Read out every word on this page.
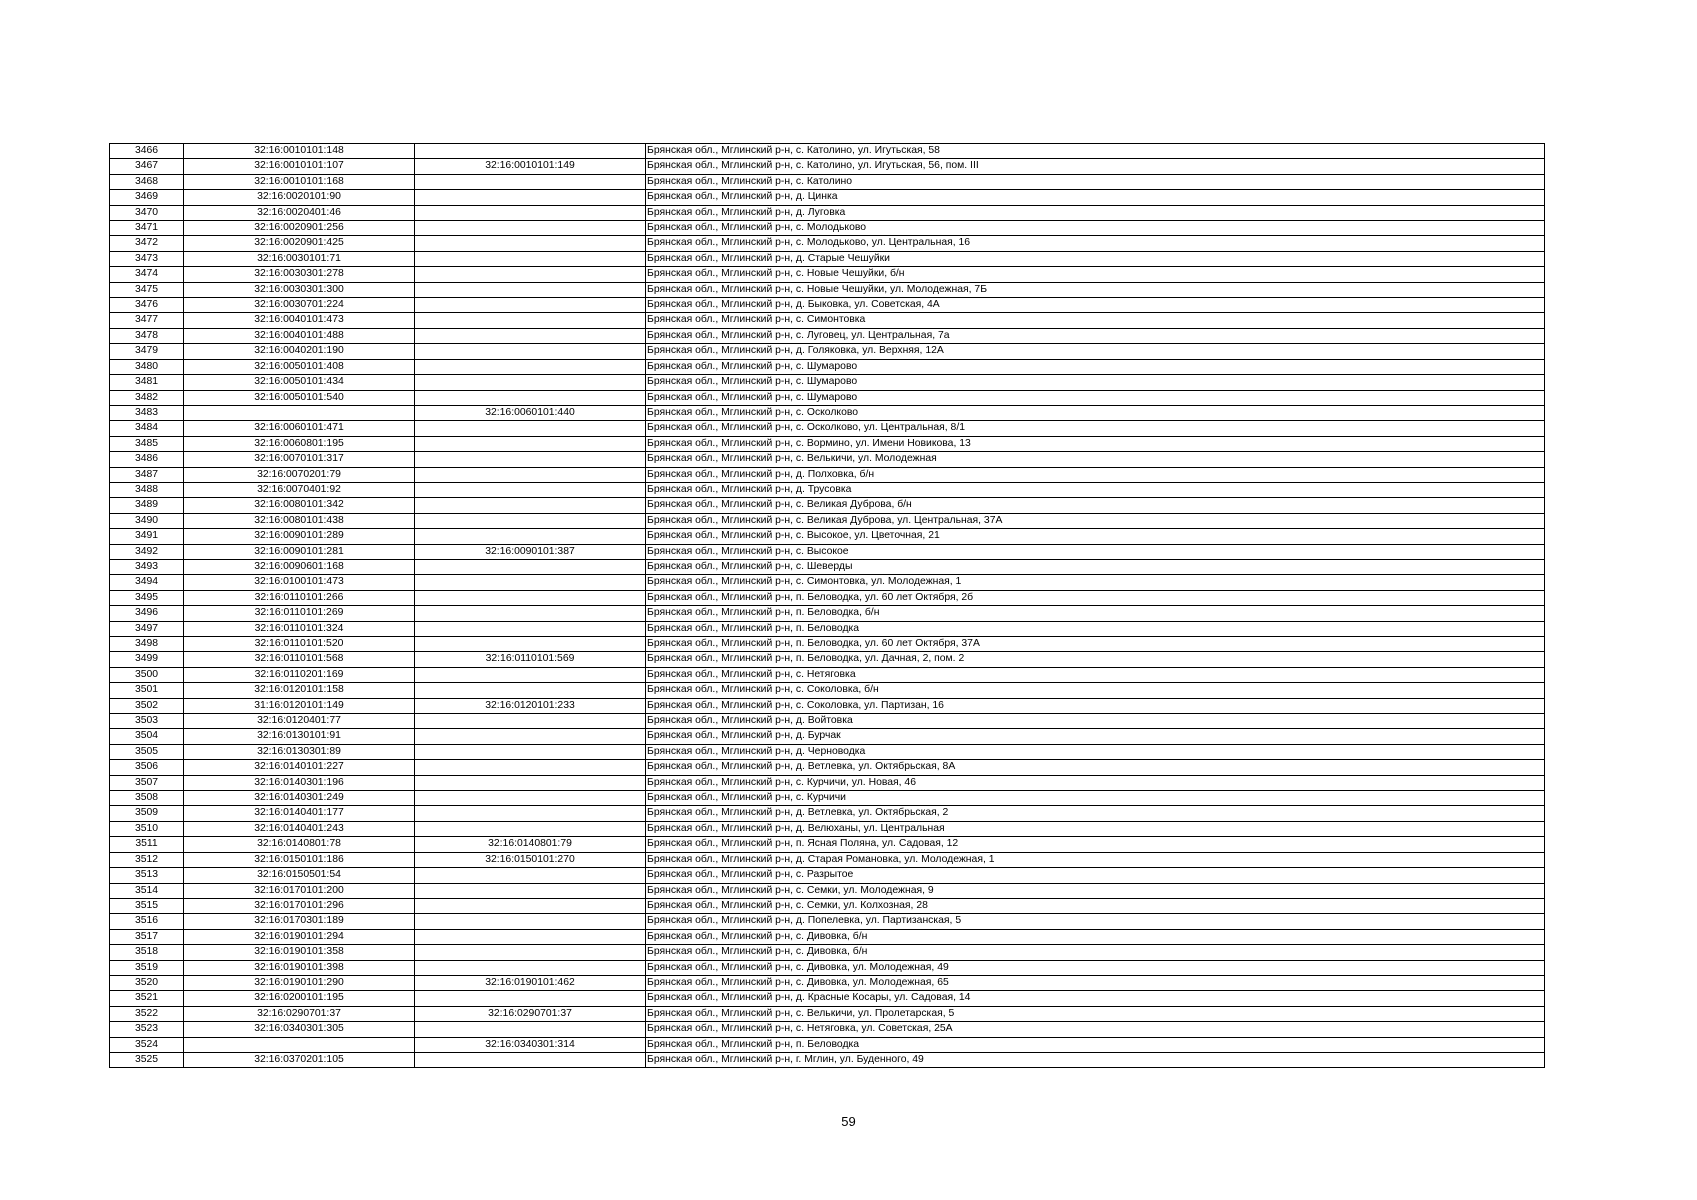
3466	32:16:0010101:148		Брянская обл., Мглинский р-н, с. Католино, ул. Игутьская, 58
3467	32:16:0010101:107	32:16:0010101:149	Брянская обл., Мглинский р-н, с. Католино, ул. Игутьская, 56, пом. III
3468	32:16:0010101:168		Брянская обл., Мглинский р-н, с. Католино
3469	32:16:0020101:90		Брянская обл., Мглинский р-н, д. Цинка
3470	32:16:0020401:46		Брянская обл., Мглинский р-н, д. Луговка
3471	32:16:0020901:256		Брянская обл., Мглинский р-н, с. Молодьково
3472	32:16:0020901:425		Брянская обл., Мглинский р-н, с. Молодьково, ул. Центральная, 16
3473	32:16:0030101:71		Брянская обл., Мглинский р-н, д. Старые Чешуйки
3474	32:16:0030301:278		Брянская обл., Мглинский р-н, с. Новые Чешуйки, б/н
3475	32:16:0030301:300		Брянская обл., Мглинский р-н, с. Новые Чешуйки, ул. Молодежная, 7Б
3476	32:16:0030701:224		Брянская обл., Мглинский р-н, д. Быковка, ул. Советская, 4А
3477	32:16:0040101:473		Брянская обл., Мглинский р-н, с. Симонтовка
3478	32:16:0040101:488		Брянская обл., Мглинский р-н, с. Луговец, ул. Центральная, 7а
3479	32:16:0040201:190		Брянская обл., Мглинский р-н, д. Голяковка, ул. Верхняя, 12А
3480	32:16:0050101:408		Брянская обл., Мглинский р-н, с. Шумарово
3481	32:16:0050101:434		Брянская обл., Мглинский р-н, с. Шумарово
3482	32:16:0050101:540		Брянская обл., Мглинский р-н, с. Шумарово
3483		32:16:0060101:440	Брянская обл., Мглинский р-н, с. Осколково
3484	32:16:0060101:471		Брянская обл., Мглинский р-н, с. Осколково, ул. Центральная, 8/1
3485	32:16:0060801:195		Брянская обл., Мглинский р-н, с. Вормино, ул. Имени Новикова, 13
3486	32:16:0070101:317		Брянская обл., Мглинский р-н, с. Велькичи, ул. Молодежная
3487	32:16:0070201:79		Брянская обл., Мглинский р-н, д. Полховка, б/н
3488	32:16:0070401:92		Брянская обл., Мглинский р-н, д. Трусовка
3489	32:16:0080101:342		Брянская обл., Мглинский р-н, с. Великая Дуброва, б/н
3490	32:16:0080101:438		Брянская обл., Мглинский р-н, с. Великая Дуброва, ул. Центральная, 37А
3491	32:16:0090101:289		Брянская обл., Мглинский р-н, с. Высокое, ул. Цветочная, 21
3492	32:16:0090101:281	32:16:0090101:387	Брянская обл., Мглинский р-н, с. Высокое
3493	32:16:0090601:168		Брянская обл., Мглинский р-н, с. Шеверды
3494	32:16:0100101:473		Брянская обл., Мглинский р-н, с. Симонтовка, ул. Молодежная, 1
3495	32:16:0110101:266		Брянская обл., Мглинский р-н, п. Беловодка, ул. 60 лет Октября, 2б
3496	32:16:0110101:269		Брянская обл., Мглинский р-н, п. Беловодка, б/н
3497	32:16:0110101:324		Брянская обл., Мглинский р-н, п. Беловодка
3498	32:16:0110101:520		Брянская обл., Мглинский р-н, п. Беловодка, ул. 60 лет Октября, 37А
3499	32:16:0110101:568	32:16:0110101:569	Брянская обл., Мглинский р-н, п. Беловодка, ул. Дачная, 2, пом. 2
3500	32:16:0110201:169		Брянская обл., Мглинский р-н, с. Нетяговка
3501	32:16:0120101:158		Брянская обл., Мглинский р-н, с. Соколовка, б/н
3502	31:16:0120101:149	32:16:0120101:233	Брянская обл., Мглинский р-н, с. Соколовка, ул. Партизан, 16
3503	32:16:0120401:77		Брянская обл., Мглинский р-н, д. Войтовка
3504	32:16:0130101:91		Брянская обл., Мглинский р-н, д. Бурчак
3505	32:16:0130301:89		Брянская обл., Мглинский р-н, д. Черноводка
3506	32:16:0140101:227		Брянская обл., Мглинский р-н, д. Ветлевка, ул. Октябрьская, 8А
3507	32:16:0140301:196		Брянская обл., Мглинский р-н, с. Курчичи, ул. Новая, 46
3508	32:16:0140301:249		Брянская обл., Мглинский р-н, с. Курчичи
3509	32:16:0140401:177		Брянская обл., Мглинский р-н, д. Ветлевка, ул. Октябрьская, 2
3510	32:16:0140401:243		Брянская обл., Мглинский р-н, д. Велюханы, ул. Центральная
3511	32:16:0140801:78	32:16:0140801:79	Брянская обл., Мглинский р-н, п. Ясная Поляна, ул. Садовая, 12
3512	32:16:0150101:186	32:16:0150101:270	Брянская обл., Мглинский р-н, д. Старая Романовка, ул. Молодежная, 1
3513	32:16:0150501:54		Брянская обл., Мглинский р-н, с. Разрытое
3514	32:16:0170101:200		Брянская обл., Мглинский р-н, с. Семки, ул. Молодежная, 9
3515	32:16:0170101:296		Брянская обл., Мглинский р-н, с. Семки, ул. Колхозная, 28
3516	32:16:0170301:189		Брянская обл., Мглинский р-н, д. Попелевка, ул. Партизанская, 5
3517	32:16:0190101:294		Брянская обл., Мглинский р-н, с. Дивовка, б/н
3518	32:16:0190101:358		Брянская обл., Мглинский р-н, с. Дивовка, б/н
3519	32:16:0190101:398		Брянская обл., Мглинский р-н, с. Дивовка, ул. Молодежная, 49
3520	32:16:0190101:290	32:16:0190101:462	Брянская обл., Мглинский р-н, с. Дивовка, ул. Молодежная, 65
3521	32:16:0200101:195		Брянская обл., Мглинский р-н, д. Красные Косары, ул. Садовая, 14
3522	32:16:0290701:37	32:16:0290701:37	Брянская обл., Мглинский р-н, с. Велькичи, ул. Пролетарская, 5
3523	32:16:0340301:305		Брянская обл., Мглинский р-н, с. Нетяговка, ул. Советская, 25А
3524		32:16:0340301:314	Брянская обл., Мглинский р-н, п. Беловодка
3525	32:16:0370201:105		Брянская обл., Мглинский р-н, г. Мглин, ул. Буденного, 49
59
